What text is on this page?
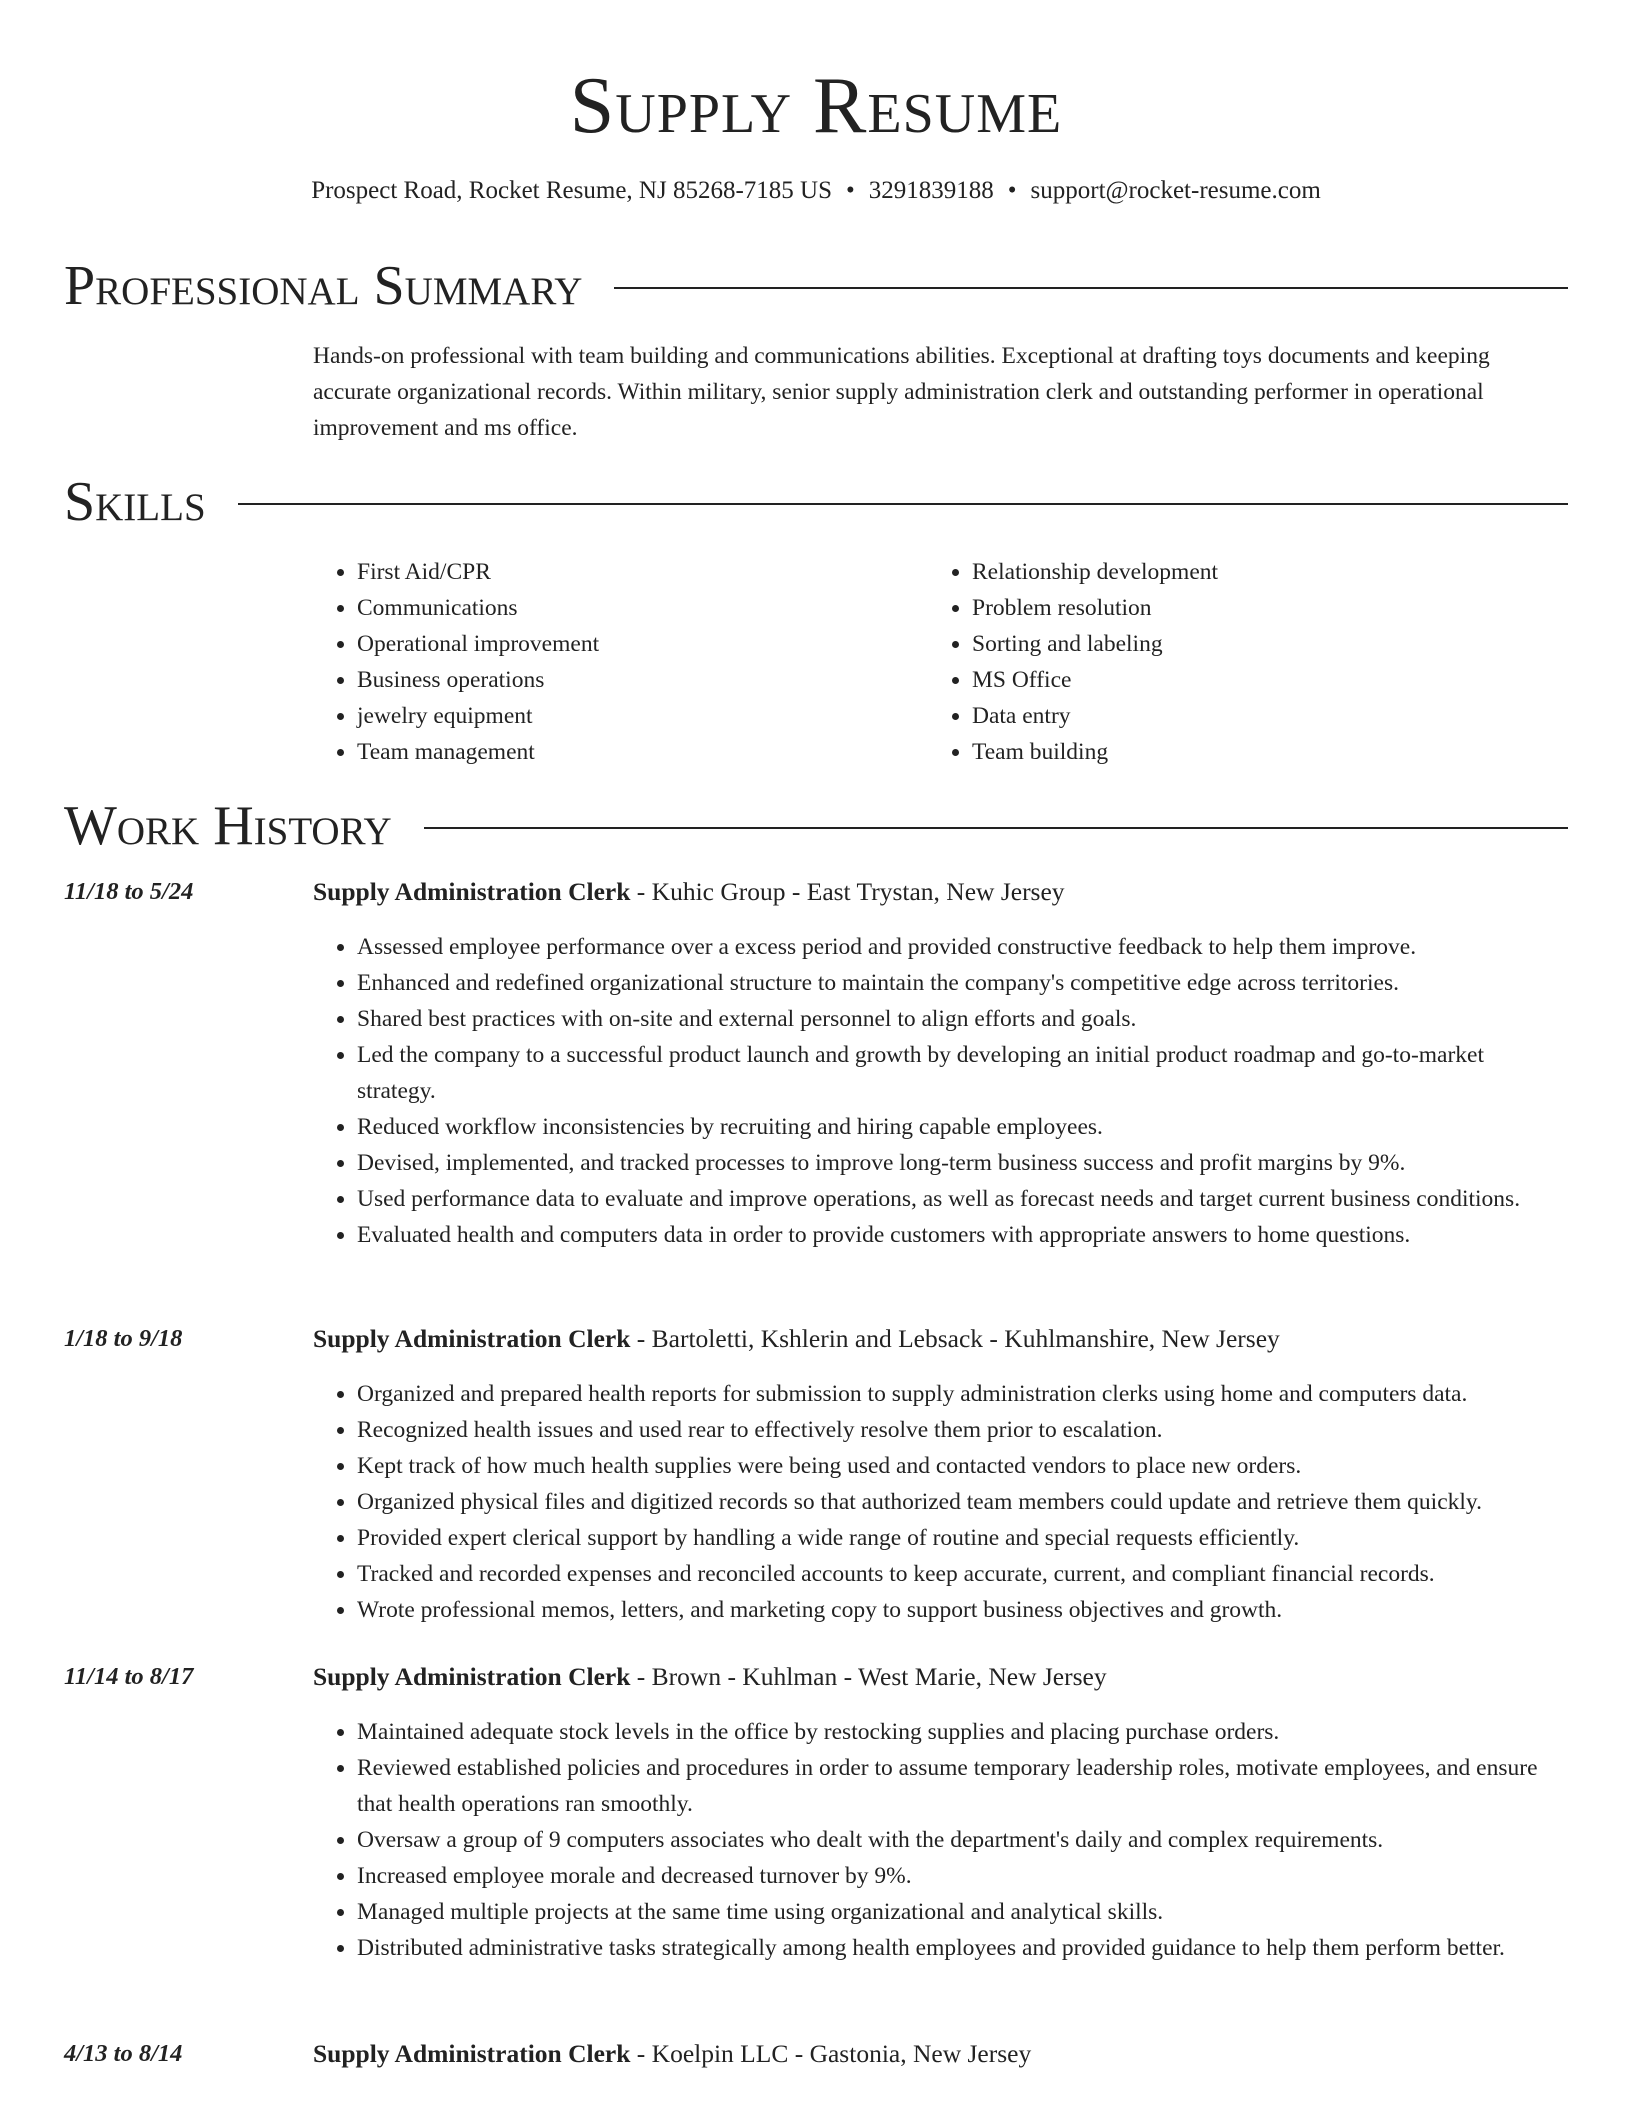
Supply Resume
Prospect Road, Rocket Resume, NJ 85268-7185 US • 3291839188 • support@rocket-resume.com
Professional Summary
Hands-on professional with team building and communications abilities. Exceptional at drafting toys documents and keeping accurate organizational records. Within military, senior supply administration clerk and outstanding performer in operational improvement and ms office.
Skills
• First Aid/CPR
• Communications
• Operational improvement
• Business operations
• jewelry equipment
• Team management
• Relationship development
• Problem resolution
• Sorting and labeling
• MS Office
• Data entry
• Team building
Work History
11/18 to 5/24	Supply Administration Clerk - Kuhic Group - East Trystan, New Jersey
• Assessed employee performance over a excess period and provided constructive feedback to help them improve.
• Enhanced and redefined organizational structure to maintain the company's competitive edge across territories.
• Shared best practices with on-site and external personnel to align efforts and goals.
• Led the company to a successful product launch and growth by developing an initial product roadmap and go-to-market strategy.
• Reduced workflow inconsistencies by recruiting and hiring capable employees.
• Devised, implemented, and tracked processes to improve long-term business success and profit margins by 9%.
• Used performance data to evaluate and improve operations, as well as forecast needs and target current business conditions.
• Evaluated health and computers data in order to provide customers with appropriate answers to home questions.
1/18 to 9/18	Supply Administration Clerk - Bartoletti, Kshlerin and Lebsack - Kuhlmanshire, New Jersey
• Organized and prepared health reports for submission to supply administration clerks using home and computers data.
• Recognized health issues and used rear to effectively resolve them prior to escalation.
• Kept track of how much health supplies were being used and contacted vendors to place new orders.
• Organized physical files and digitized records so that authorized team members could update and retrieve them quickly.
• Provided expert clerical support by handling a wide range of routine and special requests efficiently.
• Tracked and recorded expenses and reconciled accounts to keep accurate, current, and compliant financial records.
• Wrote professional memos, letters, and marketing copy to support business objectives and growth.
11/14 to 8/17	Supply Administration Clerk - Brown - Kuhlman - West Marie, New Jersey
• Maintained adequate stock levels in the office by restocking supplies and placing purchase orders.
• Reviewed established policies and procedures in order to assume temporary leadership roles, motivate employees, and ensure that health operations ran smoothly.
• Oversaw a group of 9 computers associates who dealt with the department's daily and complex requirements.
• Increased employee morale and decreased turnover by 9%.
• Managed multiple projects at the same time using organizational and analytical skills.
• Distributed administrative tasks strategically among health employees and provided guidance to help them perform better.
4/13 to 8/14	Supply Administration Clerk - Koelpin LLC - Gastonia, New Jersey
